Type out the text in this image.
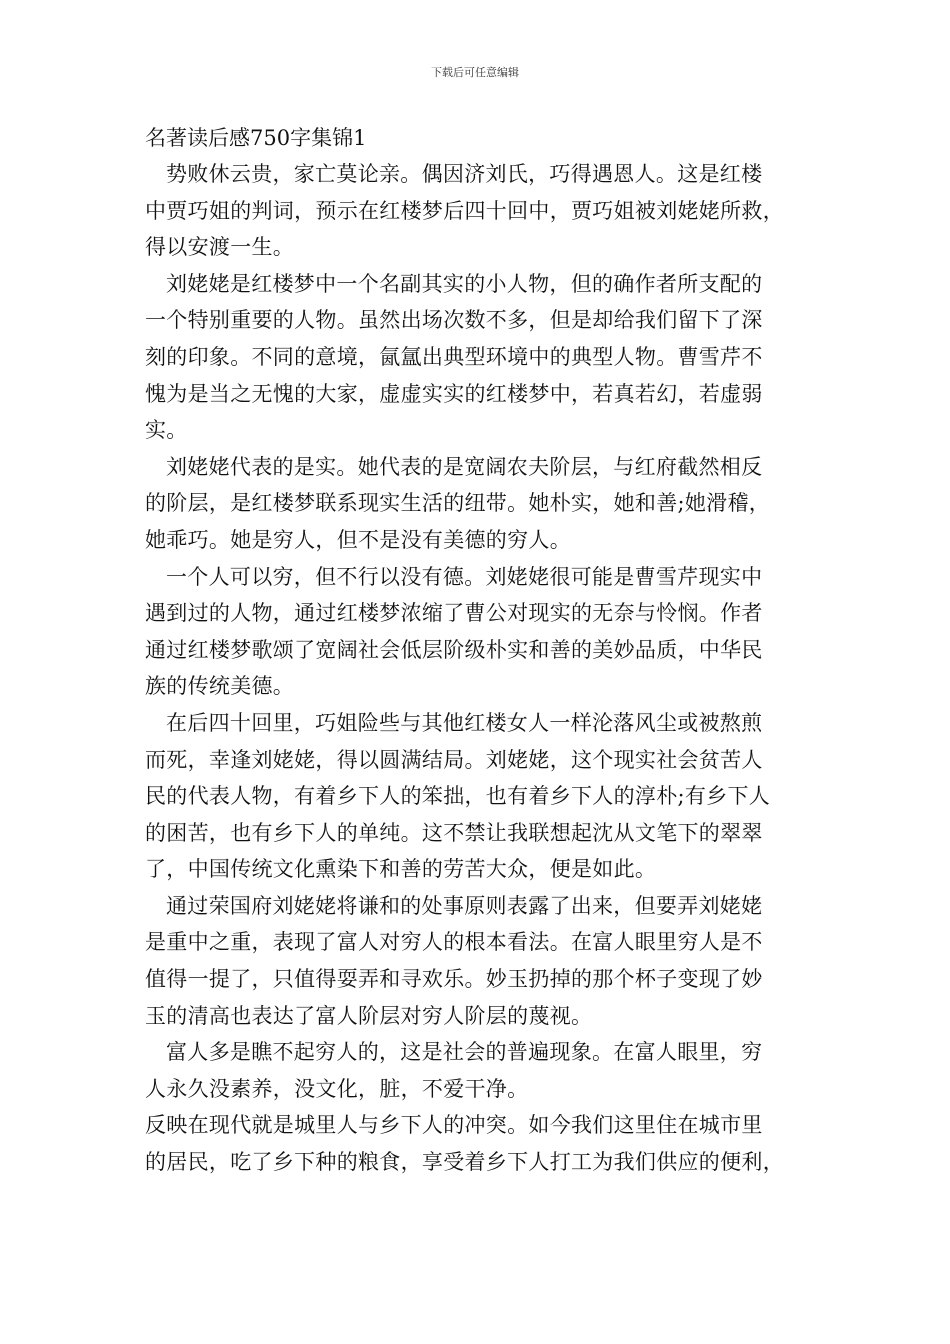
下载后可任意编辑
名著读后感750字集锦1

势败休云贵，家亡莫论亲。偶因济刘氏，巧得遇恩人。这是红楼
中贾巧姐的判词，预示在红楼梦后四十回中，贾巧姐被刘姥姥所救，
得以安渡一生。

刘姥姥是红楼梦中一个名副其实的小人物，但的确作者所支配的
一个特别重要的人物。虽然出场次数不多，但是却给我们留下了深
刻的印象。不同的意境，氤氲出典型环境中的典型人物。曹雪芹不
愧为是当之无愧的大家，虚虚实实的红楼梦中，若真若幻，若虚弱
实。

刘姥姥代表的是实。她代表的是宽阔农夫阶层，与红府截然相反
的阶层，是红楼梦联系现实生活的纽带。她朴实，她和善;她滑稽，
她乖巧。她是穷人，但不是没有美德的穷人。

一个人可以穷，但不行以没有德。刘姥姥很可能是曹雪芹现实中
遇到过的人物，通过红楼梦浓缩了曹公对现实的无奈与怜悯。作者
通过红楼梦歌颂了宽阔社会低层阶级朴实和善的美妙品质，中华民
族的传统美德。

在后四十回里，巧姐险些与其他红楼女人一样沦落风尘或被熬煎
而死，幸逢刘姥姥，得以圆满结局。刘姥姥，这个现实社会贫苦人
民的代表人物，有着乡下人的笨拙，也有着乡下人的淳朴;有乡下人
的困苦，也有乡下人的单纯。这不禁让我联想起沈从文笔下的翠翠
了，中国传统文化熏染下和善的劳苦大众，便是如此。

通过荣国府刘姥姥将谦和的处事原则表露了出来，但要弄刘姥姥
是重中之重，表现了富人对穷人的根本看法。在富人眼里穷人是不
值得一提了，只值得耍弄和寻欢乐。妙玉扔掉的那个杯子变现了妙
玉的清高也表达了富人阶层对穷人阶层的蔑视。

富人多是瞧不起穷人的，这是社会的普遍现象。在富人眼里，穷
人永久没素养，没文化，脏，不爱干净。

反映在现代就是城里人与乡下人的冲突。如今我们这里住在城市里
的居民，吃了乡下种的粮食，享受着乡下人打工为我们供应的便利，
